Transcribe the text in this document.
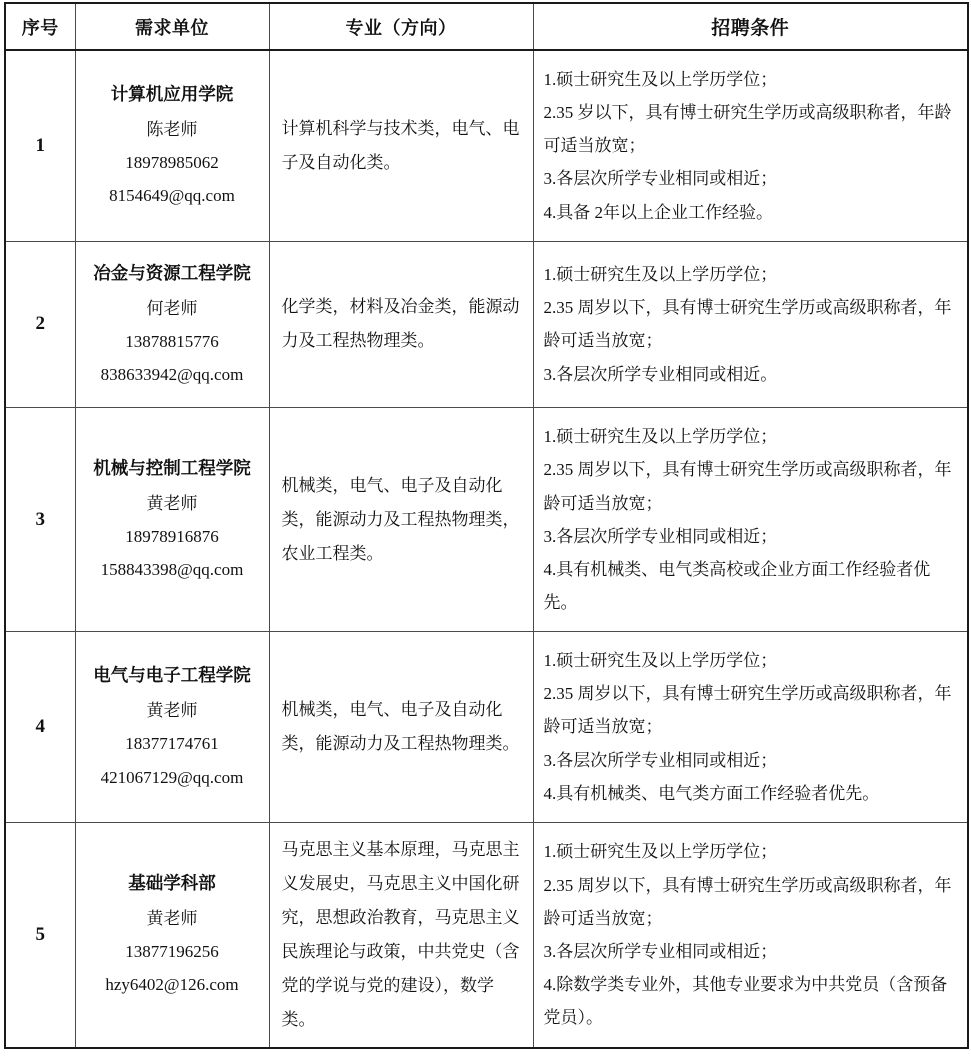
序号	需求单位	专业（方向）	招聘条件

1	计算机应用学院
陈老师
18978985062
8154649@qq.com	计算机科学与技术类，电气、电子及自动化类。	1.硕士研究生及以上学历学位；
2.35 岁以下，具有博士研究生学历或高级职称者，年龄可适当放宽；
3.各层次所学专业相同或相近；
4.具备 2年以上企业工作经验。

2	冶金与资源工程学院
何老师
13878815776
838633942@qq.com	化学类，材料及冶金类，能源动力及工程热物理类。	1.硕士研究生及以上学历学位；
2.35 周岁以下，具有博士研究生学历或高级职称者，年龄可适当放宽；
3.各层次所学专业相同或相近。

3	机械与控制工程学院
黄老师
18978916876
158843398@qq.com	机械类，电气、电子及自动化类，能源动力及工程热物理类，农业工程类。	1.硕士研究生及以上学历学位；
2.35 周岁以下，具有博士研究生学历或高级职称者，年龄可适当放宽；
3.各层次所学专业相同或相近；
4.具有机械类、电气类高校或企业方面工作经验者优先。

4	电气与电子工程学院
黄老师
18377174761
421067129@qq.com	机械类，电气、电子及自动化类，能源动力及工程热物理类。	1.硕士研究生及以上学历学位；
2.35 周岁以下，具有博士研究生学历或高级职称者，年龄可适当放宽；
3.各层次所学专业相同或相近；
4.具有机械类、电气类方面工作经验者优先。

5	基础学科部
黄老师
13877196256
hzy6402@126.com	马克思主义基本原理，马克思主义发展史，马克思主义中国化研究，思想政治教育，马克思主义民族理论与政策，中共党史（含党的学说与党的建设），数学类。	1.硕士研究生及以上学历学位；
2.35 周岁以下，具有博士研究生学历或高级职称者，年龄可适当放宽；
3.各层次所学专业相同或相近；
4.除数学类专业外，其他专业要求为中共党员（含预备党员）。
